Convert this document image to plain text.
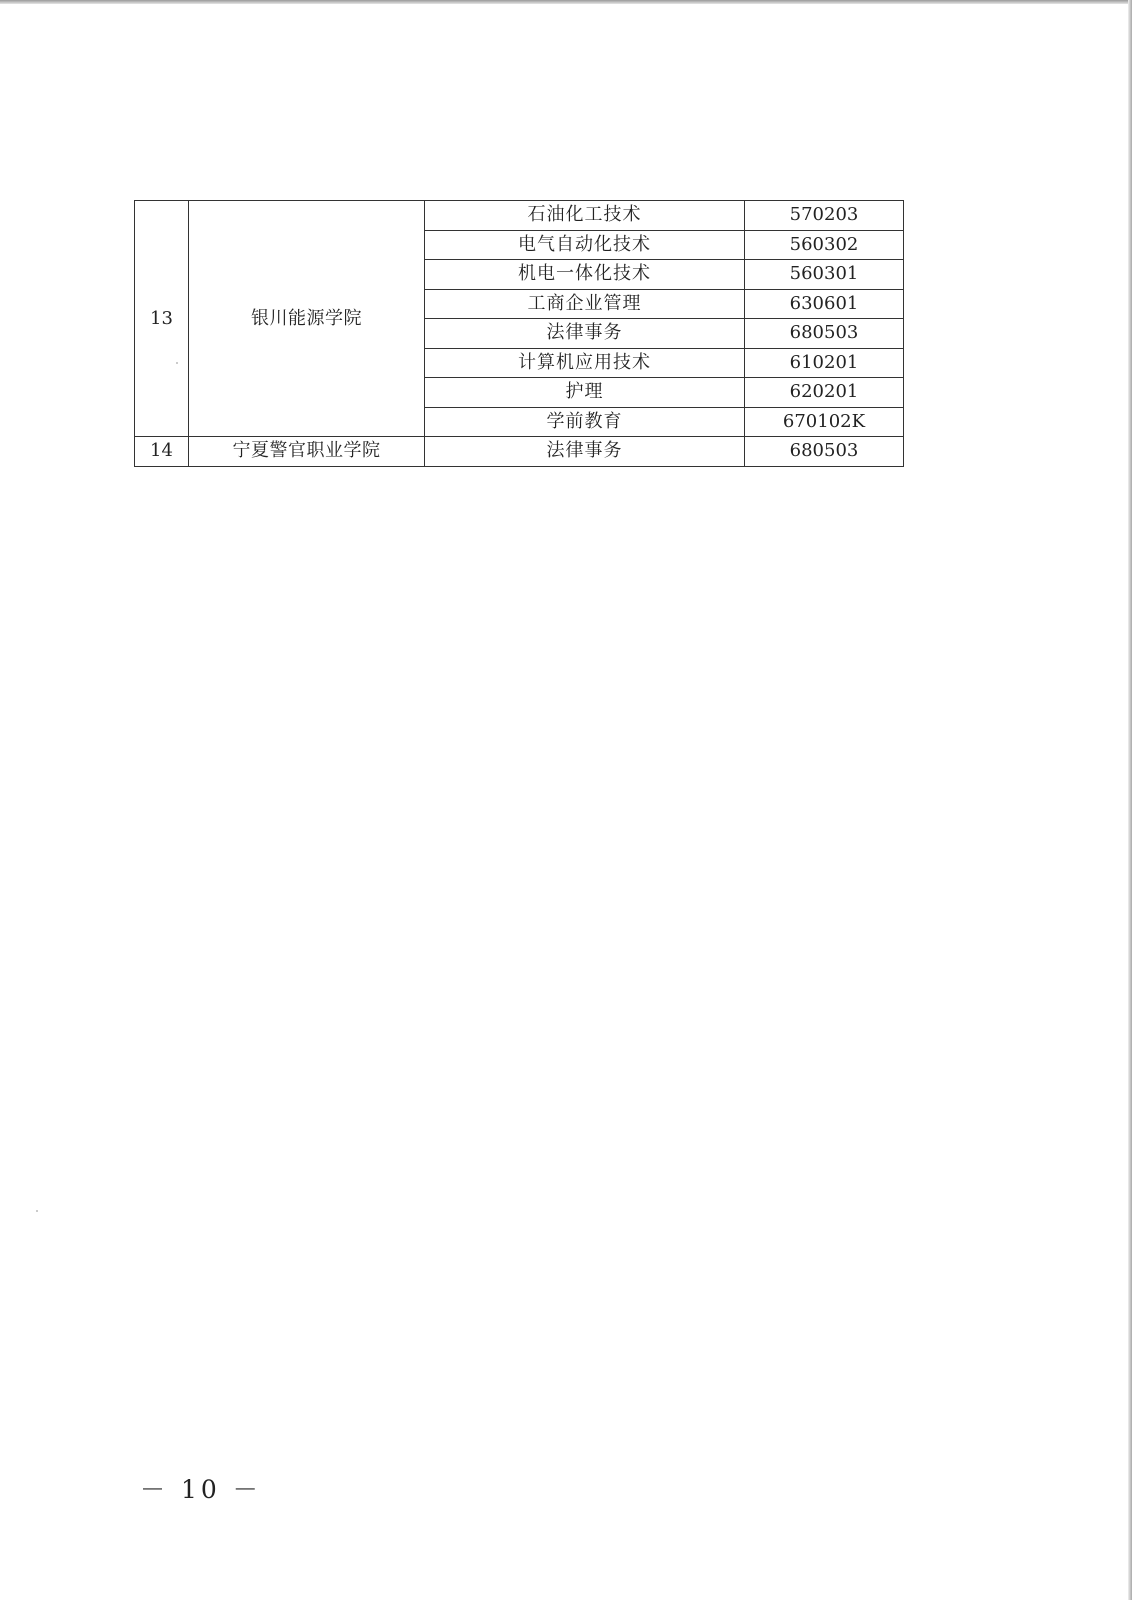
13	银川能源学院	石油化工技术	570203
		电气自动化技术	560302
		机电一体化技术	560301
		工商企业管理	630601
		法律事务	680503
		计算机应用技术	610201
		护理	620201
		学前教育	670102K
14	宁夏警官职业学院	法律事务	680503
－ 10 －
